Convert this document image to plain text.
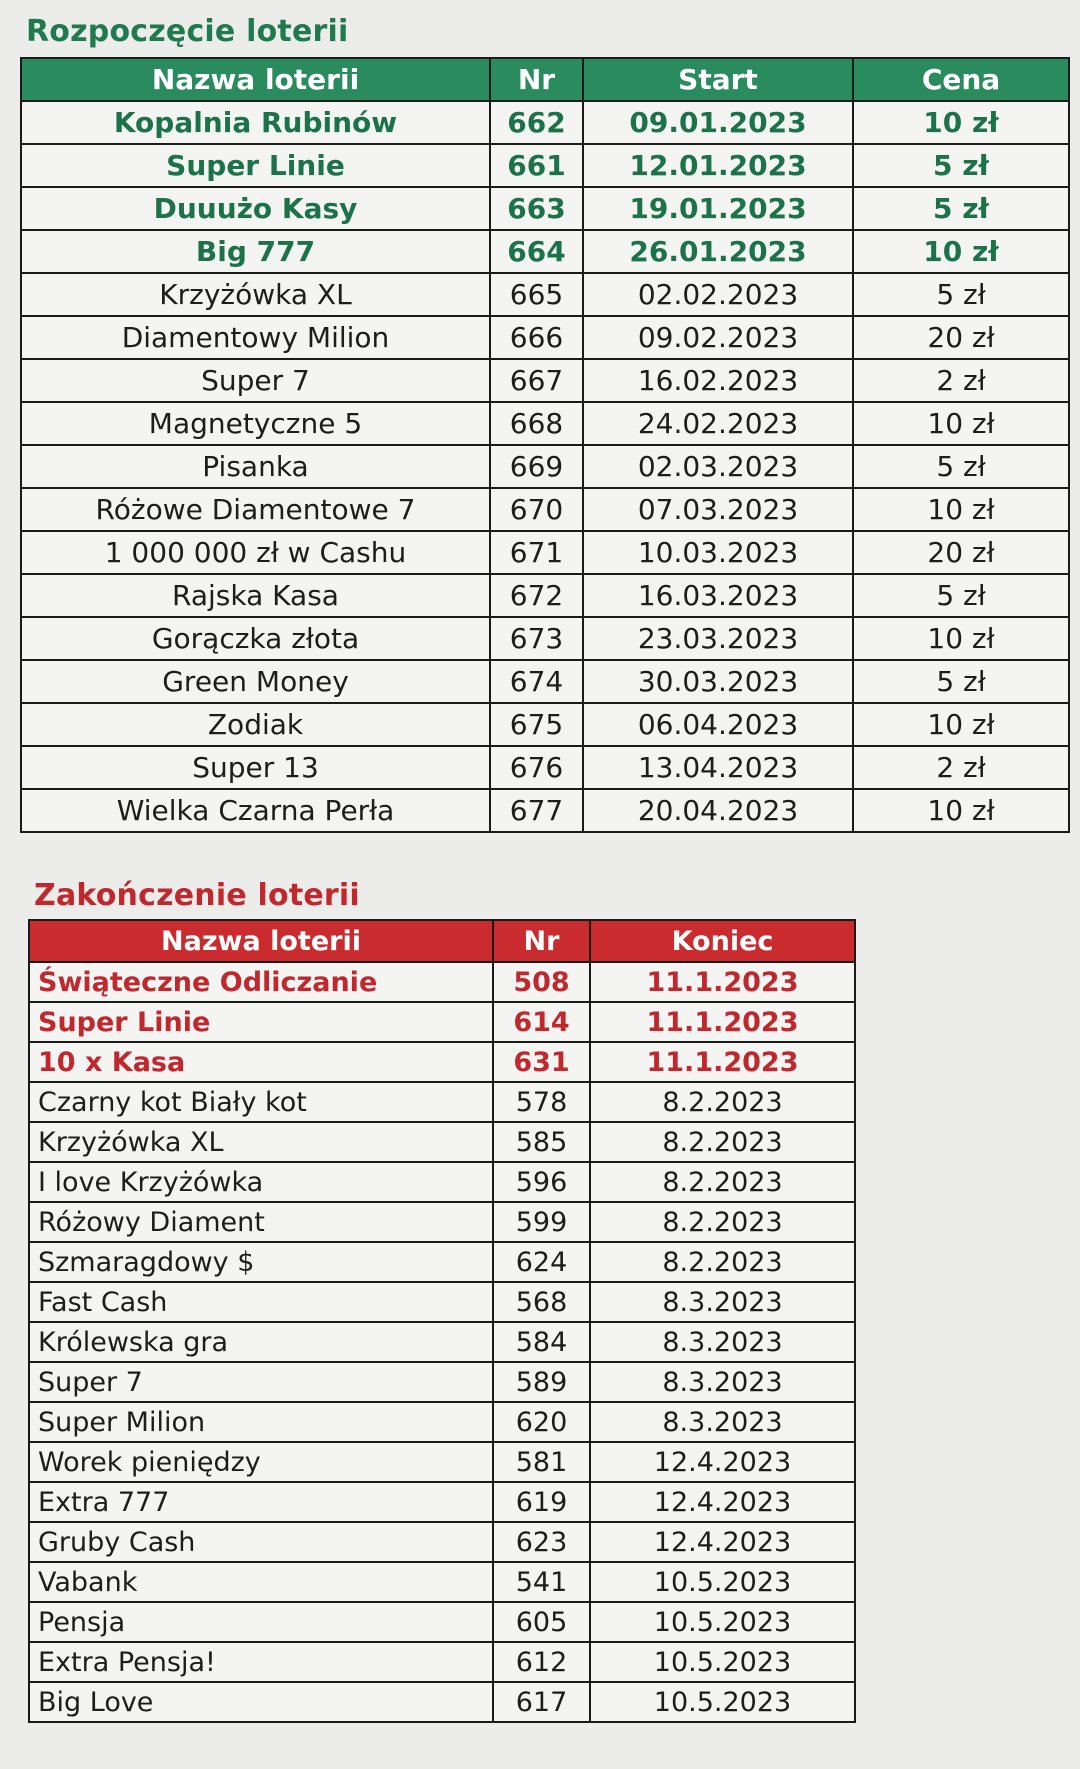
Rozpoczęcie loterii
Nazwa loterii	Nr	Start	Cena
Kopalnia Rubinów	662	09.01.2023	10 zł
Super Linie	661	12.01.2023	5 zł
Duuużo Kasy	663	19.01.2023	5 zł
Big 777	664	26.01.2023	10 zł
Krzyżówka XL	665	02.02.2023	5 zł
Diamentowy Milion	666	09.02.2023	20 zł
Super 7	667	16.02.2023	2 zł
Magnetyczne 5	668	24.02.2023	10 zł
Pisanka	669	02.03.2023	5 zł
Różowe Diamentowe 7	670	07.03.2023	10 zł
1 000 000 zł w Cashu	671	10.03.2023	20 zł
Rajska Kasa	672	16.03.2023	5 zł
Gorączka złota	673	23.03.2023	10 zł
Green Money	674	30.03.2023	5 zł
Zodiak	675	06.04.2023	10 zł
Super 13	676	13.04.2023	2 zł
Wielka Czarna Perła	677	20.04.2023	10 zł
Zakończenie loterii
Nazwa loterii	Nr	Koniec
Świąteczne Odliczanie	508	11.1.2023
Super Linie	614	11.1.2023
10 x Kasa	631	11.1.2023
Czarny kot Biały kot	578	8.2.2023
Krzyżówka XL	585	8.2.2023
I love Krzyżówka	596	8.2.2023
Różowy Diament	599	8.2.2023
Szmaragdowy $	624	8.2.2023
Fast Cash	568	8.3.2023
Królewska gra	584	8.3.2023
Super 7	589	8.3.2023
Super Milion	620	8.3.2023
Worek pieniędzy	581	12.4.2023
Extra 777	619	12.4.2023
Gruby Cash	623	12.4.2023
Vabank	541	10.5.2023
Pensja	605	10.5.2023
Extra Pensja!	612	10.5.2023
Big Love	617	10.5.2023
